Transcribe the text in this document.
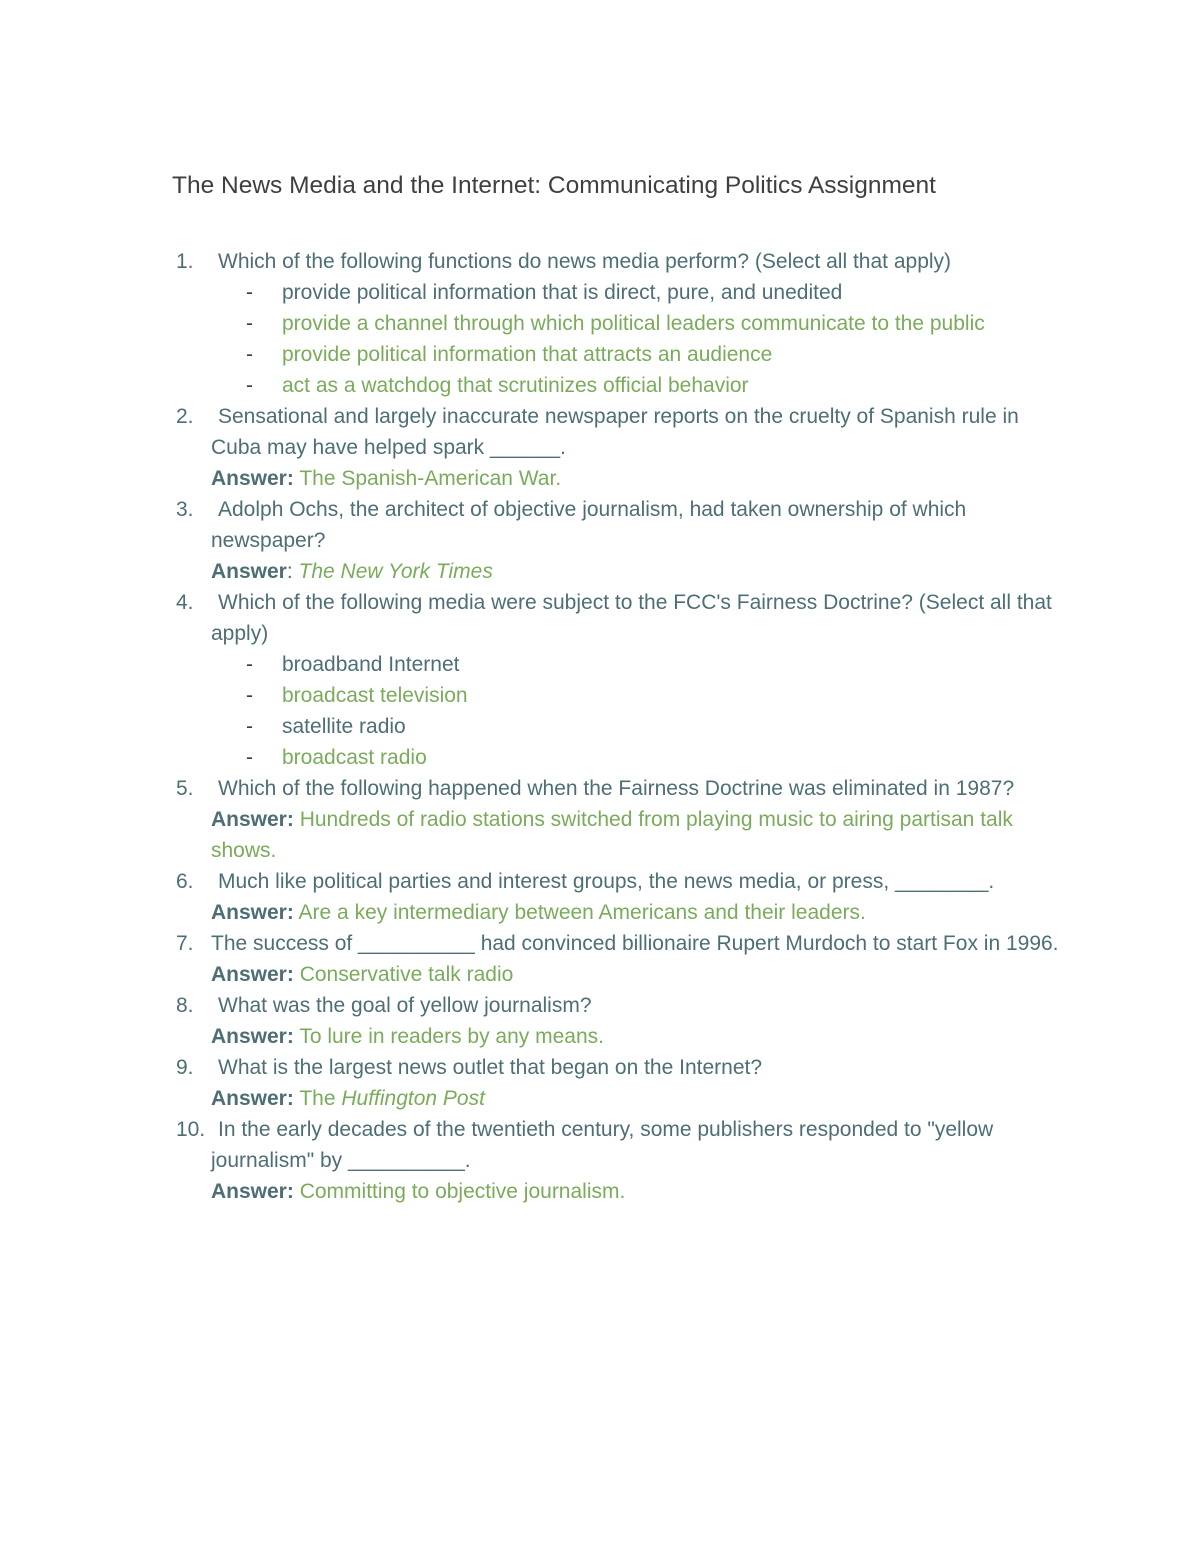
The News Media and the Internet: Communicating Politics Assignment
1.	Which of the following functions do news media perform? (Select all that apply)
- provide political information that is direct, pure, and unedited
- provide a channel through which political leaders communicate to the public
- provide political information that attracts an audience
- act as a watchdog that scrutinizes official behavior
2.	Sensational and largely inaccurate newspaper reports on the cruelty of Spanish rule in Cuba may have helped spark ______.
Answer: The Spanish-American War.
3.	Adolph Ochs, the architect of objective journalism, had taken ownership of which newspaper?
Answer: The New York Times
4.	Which of the following media were subject to the FCC's Fairness Doctrine? (Select all that apply)
- broadband Internet
- broadcast television
- satellite radio
- broadcast radio
5.	Which of the following happened when the Fairness Doctrine was eliminated in 1987?
Answer: Hundreds of radio stations switched from playing music to airing partisan talk shows.
6.	Much like political parties and interest groups, the news media, or press, ________.
Answer: Are a key intermediary between Americans and their leaders.
7. The success of __________ had convinced billionaire Rupert Murdoch to start Fox in 1996.
Answer: Conservative talk radio
8.	What was the goal of yellow journalism?
Answer: To lure in readers by any means.
9.	What is the largest news outlet that began on the Internet?
Answer: The Huffington Post
10. In the early decades of the twentieth century, some publishers responded to "yellow journalism" by __________.
Answer: Committing to objective journalism.
